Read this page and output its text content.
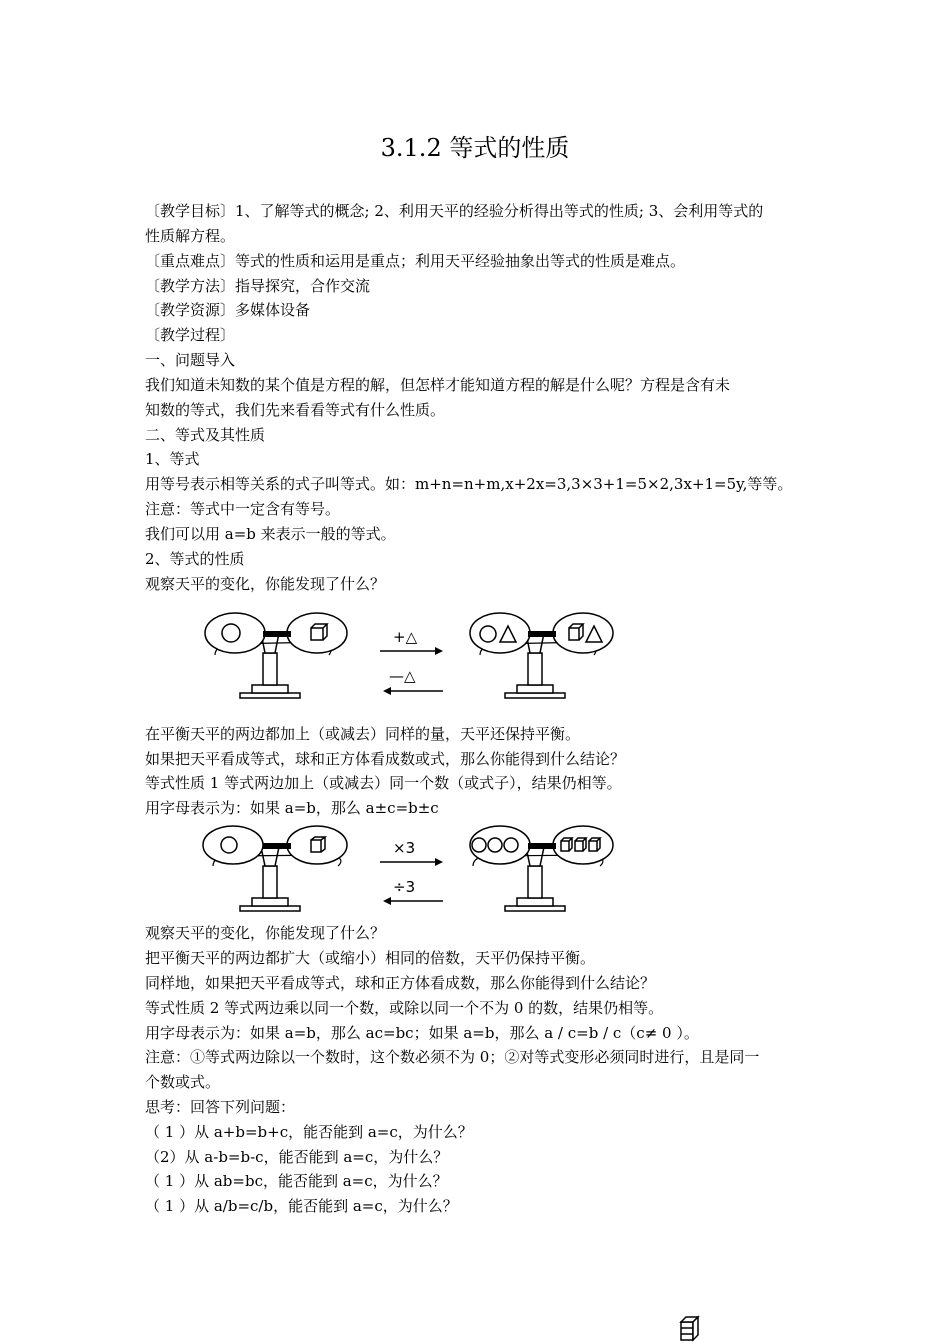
3.1.2 等式的性质
〔教学目标〕1、了解等式的概念; 2、利用天平的经验分析得出等式的性质; 3、会利用等式的
性质解方程。
〔重点难点〕等式的性质和运用是重点；利用天平经验抽象出等式的性质是难点。
〔教学方法〕指导探究，合作交流
〔教学资源〕多媒体设备
〔教学过程〕
一、问题导入
我们知道未知数的某个值是方程的解，但怎样才能知道方程的解是什么呢？方程是含有未
知数的等式，我们先来看看等式有什么性质。
二、等式及其性质
1、等式
用等号表示相等关系的式子叫等式。如：m+n=n+m,x+2x=3,3×3+1=5×2,3x+1=5y,等等。
注意：等式中一定含有等号。
我们可以用 a=b 来表示一般的等式。
2、等式的性质
观察天平的变化，你能发现了什么？
+△
—△
在平衡天平的两边都加上（或减去）同样的量，天平还保持平衡。
如果把天平看成等式，球和正方体看成数或式，那么你能得到什么结论？
等式性质 1 等式两边加上（或减去）同一个数（或式子），结果仍相等。
用字母表示为：如果 a=b，那么 a±c=b±c
×3
÷3
观察天平的变化，你能发现了什么？
把平衡天平的两边都扩大（或缩小）相同的倍数，天平仍保持平衡。
同样地，如果把天平看成等式，球和正方体看成数，那么你能得到什么结论？
等式性质 2 等式两边乘以同一个数，或除以同一个不为 0 的数，结果仍相等。
用字母表示为：如果 a=b，那么 ac=bc；如果 a=b，那么 a / c=b / c（c≠ 0 ）。
注意：①等式两边除以一个数时，这个数必须不为 0；②对等式变形必须同时进行，且是同一
个数或式。
思考：回答下列问题：
（ 1 ）从 a+b=b+c，能否能到 a=c，为什么？
（2）从 a-b=b-c，能否能到 a=c，为什么？
（ 1 ）从 ab=bc，能否能到 a=c，为什么？
（ 1 ）从 a/b=c/b，能否能到 a=c，为什么？
